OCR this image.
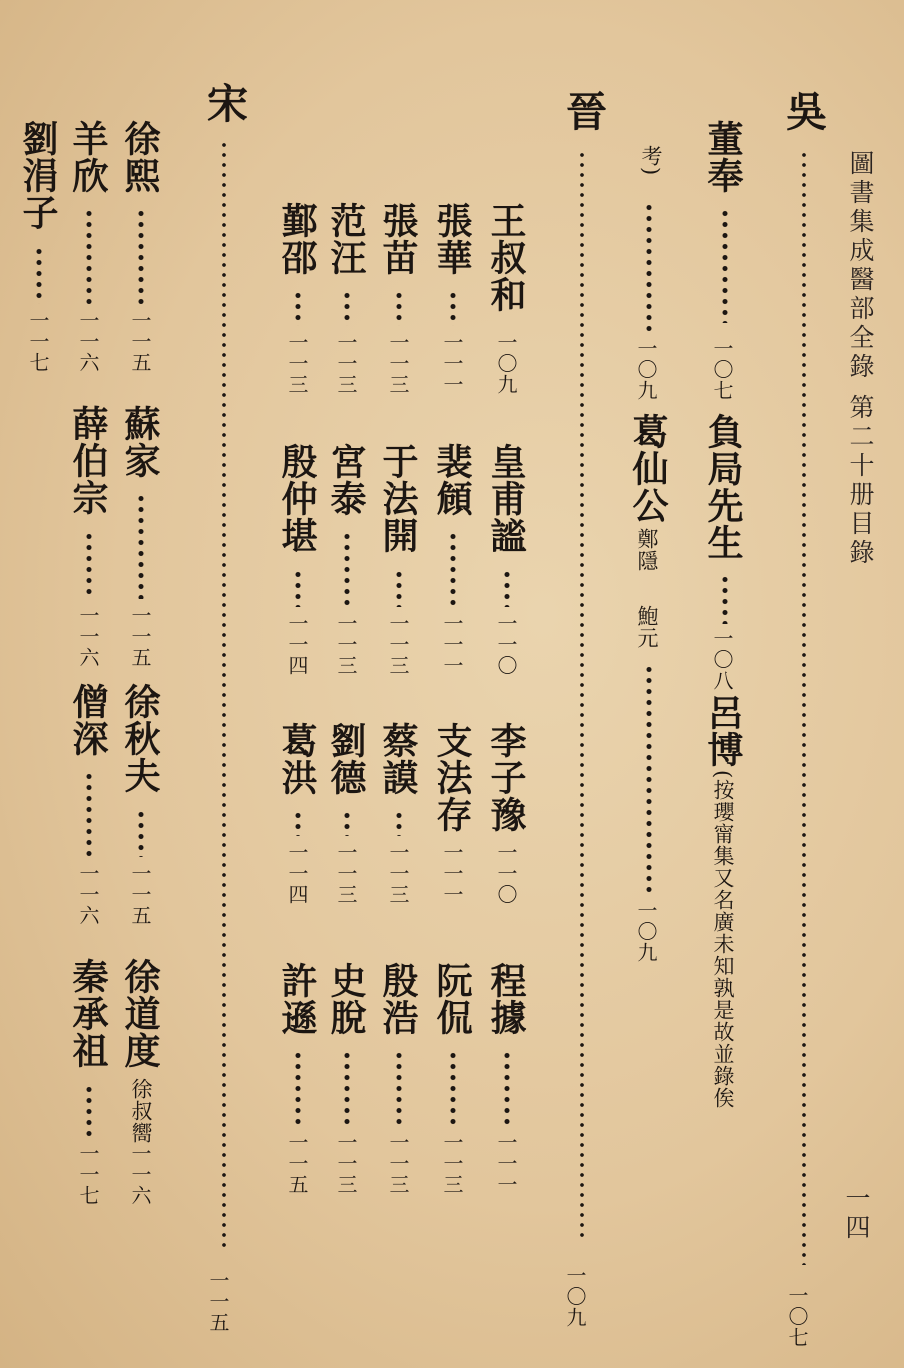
圖書集成醫部全錄 第二十册目錄
一四
吳
一〇七
董奉
一〇七
負局先生
一〇八
呂博
(按瓔甯集又名廣未知孰是故並錄俟
考)
一〇九
葛仙公
鄭隱
鮑元
一〇九
晉
一〇九
王叔和
一〇九
皇甫謐
一一〇
李子豫
一一〇
程據
一一一
張華
一一一
裴頠
一一一
支法存
一一一
阮侃
一一三
張苗
一一三
于法開
一一三
蔡謨
一一三
殷浩
一一三
范汪
一一三
宮泰
一一三
劉德
一一三
史脫
一一三
鄞邵
一一三
殷仲堪
一一四
葛洪
一一四
許遜
一一五
宋
一一五
徐熙
一一五
蘇家
一一五
徐秋夫
一一五
徐道度
徐叔嚮
一一六
羊欣
一一六
薛伯宗
一一六
僧深
一一六
秦承祖
一一七
劉涓子
一一七
